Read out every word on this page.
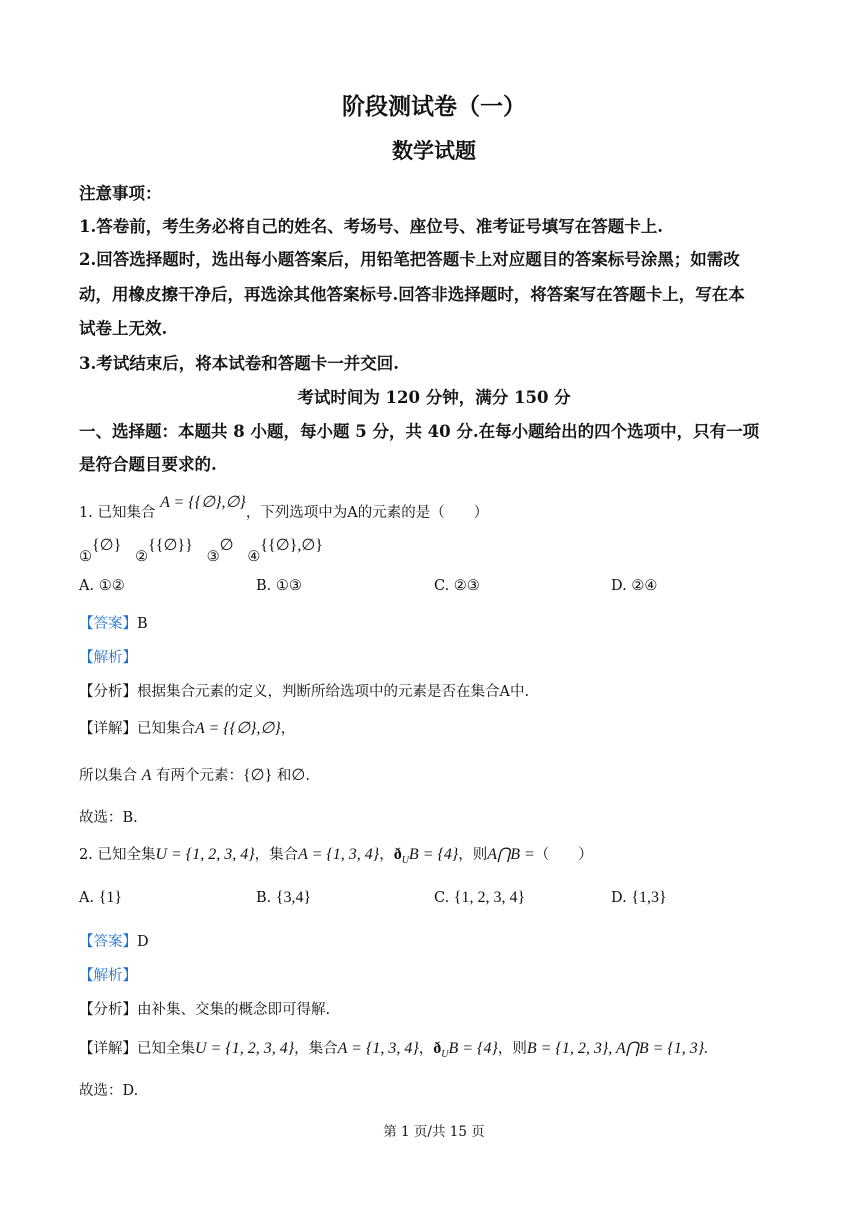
阶段测试卷（一）
数学试题
注意事项：
1.答卷前，考生务必将自己的姓名、考场号、座位号、准考证号填写在答题卡上.
2.回答选择题时，选出每小题答案后，用铅笔把答题卡上对应题目的答案标号涂黑；如需改
动，用橡皮擦干净后，再选涂其他答案标号.回答非选择题时，将答案写在答题卡上，写在本
试卷上无效.
3.考试结束后，将本试卷和答题卡一并交回.
考试时间为 120 分钟，满分 150 分
一、选择题：本题共 8 小题，每小题 5 分，共 40 分.在每小题给出的四个选项中，只有一项
是符合题目要求的.
1. 已知集合 A = {{∅},∅}，下列选项中为A的元素的是（　　）
①{∅}   ②{{∅}}   ③∅   ④{{∅},∅}
A. ①②	B. ①③	C. ②③	D. ②④
【答案】B
【解析】
【分析】根据集合元素的定义，判断所给选项中的元素是否在集合A中.
【详解】已知集合A = {{∅},∅}，
所以集合 A 有两个元素：{∅} 和∅.
故选：B.
2. 已知全集U = {1, 2, 3, 4}，集合A = {1, 3, 4}，$ð_UB = \{4\}$，则A⋂B =（　　）
A. {1}	B. {3,4}	C. {1, 2, 3, 4}	D. {1,3}
【答案】D
【解析】
【分析】由补集、交集的概念即可得解.
【详解】已知全集U = {1, 2, 3, 4}，集合A = {1, 3, 4}，$ð_UB = \{4\}$，则B = {1, 2, 3}, A⋂B = {1, 3}.
故选：D.
第 1 页/共 15 页
